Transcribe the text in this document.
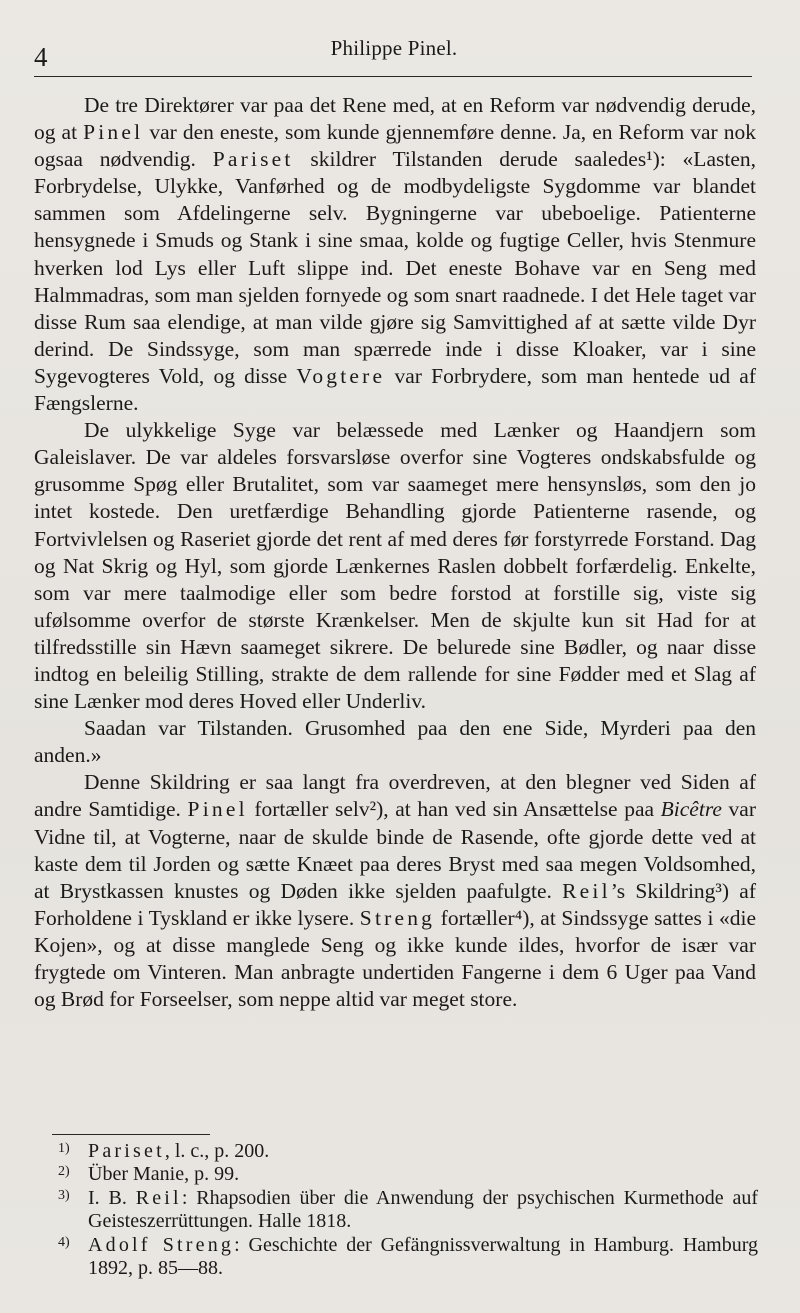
4	Philippe Pinel.

De tre Direktører var paa det Rene med, at en Reform var nødvendig derude, og at Pinel var den eneste, som kunde gjennemføre denne. Ja, en Reform var nok ogsaa nødvendig. Pariset skildrer Tilstanden derude saaledes¹): «Lasten, Forbrydelse, Ulykke, Vanførhed og de modbydeligste Sygdomme var blandet sammen som Afdelingerne selv. Bygningerne var ubeboelige. Patienterne hensygnede i Smuds og Stank i sine smaa, kolde og fugtige Celler, hvis Stenmure hverken lod Lys eller Luft slippe ind. Det eneste Bohave var en Seng med Halmmadras, som man sjelden fornyede og som snart raadnede. I det Hele taget var disse Rum saa elendige, at man vilde gjøre sig Samvittighed af at sætte vilde Dyr derind. De Sindssyge, som man spærrede inde i disse Kloaker, var i sine Sygevogteres Vold, og disse Vogtere var Forbrydere, som man hentede ud af Fængslerne.

De ulykkelige Syge var belæssede med Lænker og Haandjern som Galeislaver. De var aldeles forsvarsløse overfor sine Vogteres ondskabsfulde og grusomme Spøg eller Brutalitet, som var saameget mere hensynsløs, som den jo intet kostede. Den uretfærdige Behandling gjorde Patienterne rasende, og Fortvivlelsen og Raseriet gjorde det rent af med deres før forstyrrede Forstand. Dag og Nat Skrig og Hyl, som gjorde Lænkernes Raslen dobbelt forfærdelig. Enkelte, som var mere taalmodige eller som bedre forstod at forstille sig, viste sig ufølsomme overfor de største Krænkelser. Men de skjulte kun sit Had for at tilfredsstille sin Hævn saameget sikrere. De belurede sine Bødler, og naar disse indtog en beleilig Stilling, strakte de dem rallende for sine Fødder med et Slag af sine Lænker mod deres Hoved eller Underliv.

Saadan var Tilstanden. Grusomhed paa den ene Side, Myrderi paa den anden.»

Denne Skildring er saa langt fra overdreven, at den blegner ved Siden af andre Samtidige. Pinel fortæller selv²), at han ved sin Ansættelse paa Bicêtre var Vidne til, at Vogterne, naar de skulde binde de Rasende, ofte gjorde dette ved at kaste dem til Jorden og sætte Knæet paa deres Bryst med saa megen Voldsomhed, at Brystkassen knustes og Døden ikke sjelden paafulgte. Reil’s Skildring³) af Forholdene i Tyskland er ikke lysere. Streng fortæller⁴), at Sindssyge sattes i «die Kojen», og at disse manglede Seng og ikke kunde ildes, hvorfor de især var frygtede om Vinteren. Man anbragte undertiden Fangerne i dem 6 Uger paa Vand og Brød for Forseelser, som neppe altid var meget store.

1) Pariset, l. c., p. 200.
2) Über Manie, p. 99.
3) I. B. Reil: Rhapsodien über die Anwendung der psychischen Kurmethode auf Geisteszerrüttungen. Halle 1818.
4) Adolf Streng: Geschichte der Gefängnissverwaltung in Hamburg. Hamburg 1892, p. 85—88.
